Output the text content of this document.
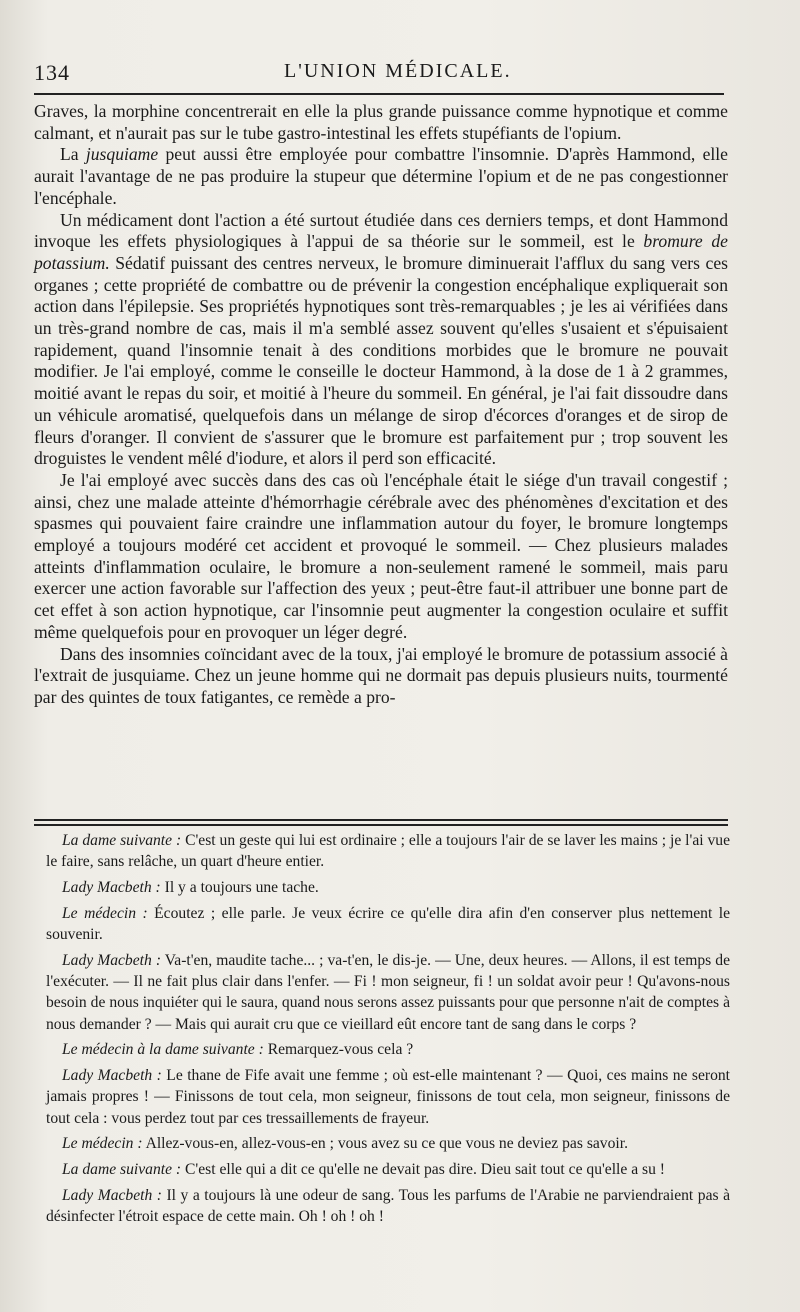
134	L'UNION MÉDICALE.

Graves, la morphine concentrerait en elle la plus grande puissance comme hypnotique et comme calmant, et n'aurait pas sur le tube gastro-intestinal les effets stupéfiants de l'opium.

La jusquiame peut aussi être employée pour combattre l'insomnie. D'après Hammond, elle aurait l'avantage de ne pas produire la stupeur que détermine l'opium et de ne pas congestionner l'encéphale.

Un médicament dont l'action a été surtout étudiée dans ces derniers temps, et dont Hammond invoque les effets physiologiques à l'appui de sa théorie sur le sommeil, est le bromure de potassium. Sédatif puissant des centres nerveux, le bromure diminuerait l'afflux du sang vers ces organes ; cette propriété de combattre ou de prévenir la congestion encéphalique expliquerait son action dans l'épilepsie. Ses propriétés hypnotiques sont très-remarquables ; je les ai vérifiées dans un très-grand nombre de cas, mais il m'a semblé assez souvent qu'elles s'usaient et s'épuisaient rapidement, quand l'insomnie tenait à des conditions morbides que le bromure ne pouvait modifier. Je l'ai employé, comme le conseille le docteur Hammond, à la dose de 1 à 2 grammes, moitié avant le repas du soir, et moitié à l'heure du sommeil. En général, je l'ai fait dissoudre dans un véhicule aromatisé, quelquefois dans un mélange de sirop d'écorces d'oranges et de sirop de fleurs d'oranger. Il convient de s'assurer que le bromure est parfaitement pur ; trop souvent les droguistes le vendent mêlé d'iodure, et alors il perd son efficacité.

Je l'ai employé avec succès dans des cas où l'encéphale était le siége d'un travail congestif ; ainsi, chez une malade atteinte d'hémorrhagie cérébrale avec des phénomènes d'excitation et des spasmes qui pouvaient faire craindre une inflammation autour du foyer, le bromure longtemps employé a toujours modéré cet accident et provoqué le sommeil. — Chez plusieurs malades atteints d'inflammation oculaire, le bromure a non-seulement ramené le sommeil, mais paru exercer une action favorable sur l'affection des yeux ; peut-être faut-il attribuer une bonne part de cet effet à son action hypnotique, car l'insomnie peut augmenter la congestion oculaire et suffit même quelquefois pour en provoquer un léger degré.

Dans des insomnies coïncidant avec de la toux, j'ai employé le bromure de potassium associé à l'extrait de jusquiame. Chez un jeune homme qui ne dormait pas depuis plusieurs nuits, tourmenté par des quintes de toux fatigantes, ce remède a pro-

La dame suivante : C'est un geste qui lui est ordinaire ; elle a toujours l'air de se laver les mains ; je l'ai vue le faire, sans relâche, un quart d'heure entier.

Lady Macbeth : Il y a toujours une tache.

Le médecin : Écoutez ; elle parle. Je veux écrire ce qu'elle dira afin d'en conserver plus nettement le souvenir.

Lady Macbeth : Va-t'en, maudite tache... ; va-t'en, le dis-je. — Une, deux heures. — Allons, il est temps de l'exécuter. — Il ne fait plus clair dans l'enfer. — Fi ! mon seigneur, fi ! un soldat avoir peur ! Qu'avons-nous besoin de nous inquiéter qui le saura, quand nous serons assez puissants pour que personne n'ait de comptes à nous demander ? — Mais qui aurait cru que ce vieillard eût encore tant de sang dans le corps ?

Le médecin à la dame suivante : Remarquez-vous cela ?

Lady Macbeth : Le thane de Fife avait une femme ; où est-elle maintenant ? — Quoi, ces mains ne seront jamais propres ! — Finissons de tout cela, mon seigneur, finissons de tout cela, mon seigneur, finissons de tout cela : vous perdez tout par ces tressaillements de frayeur.

Le médecin : Allez-vous-en, allez-vous-en ; vous avez su ce que vous ne deviez pas savoir.

La dame suivante : C'est elle qui a dit ce qu'elle ne devait pas dire. Dieu sait tout ce qu'elle a su !

Lady Macbeth : Il y a toujours là une odeur de sang. Tous les parfums de l'Arabie ne parviendraient pas à désinfecter l'étroit espace de cette main. Oh ! oh ! oh !
